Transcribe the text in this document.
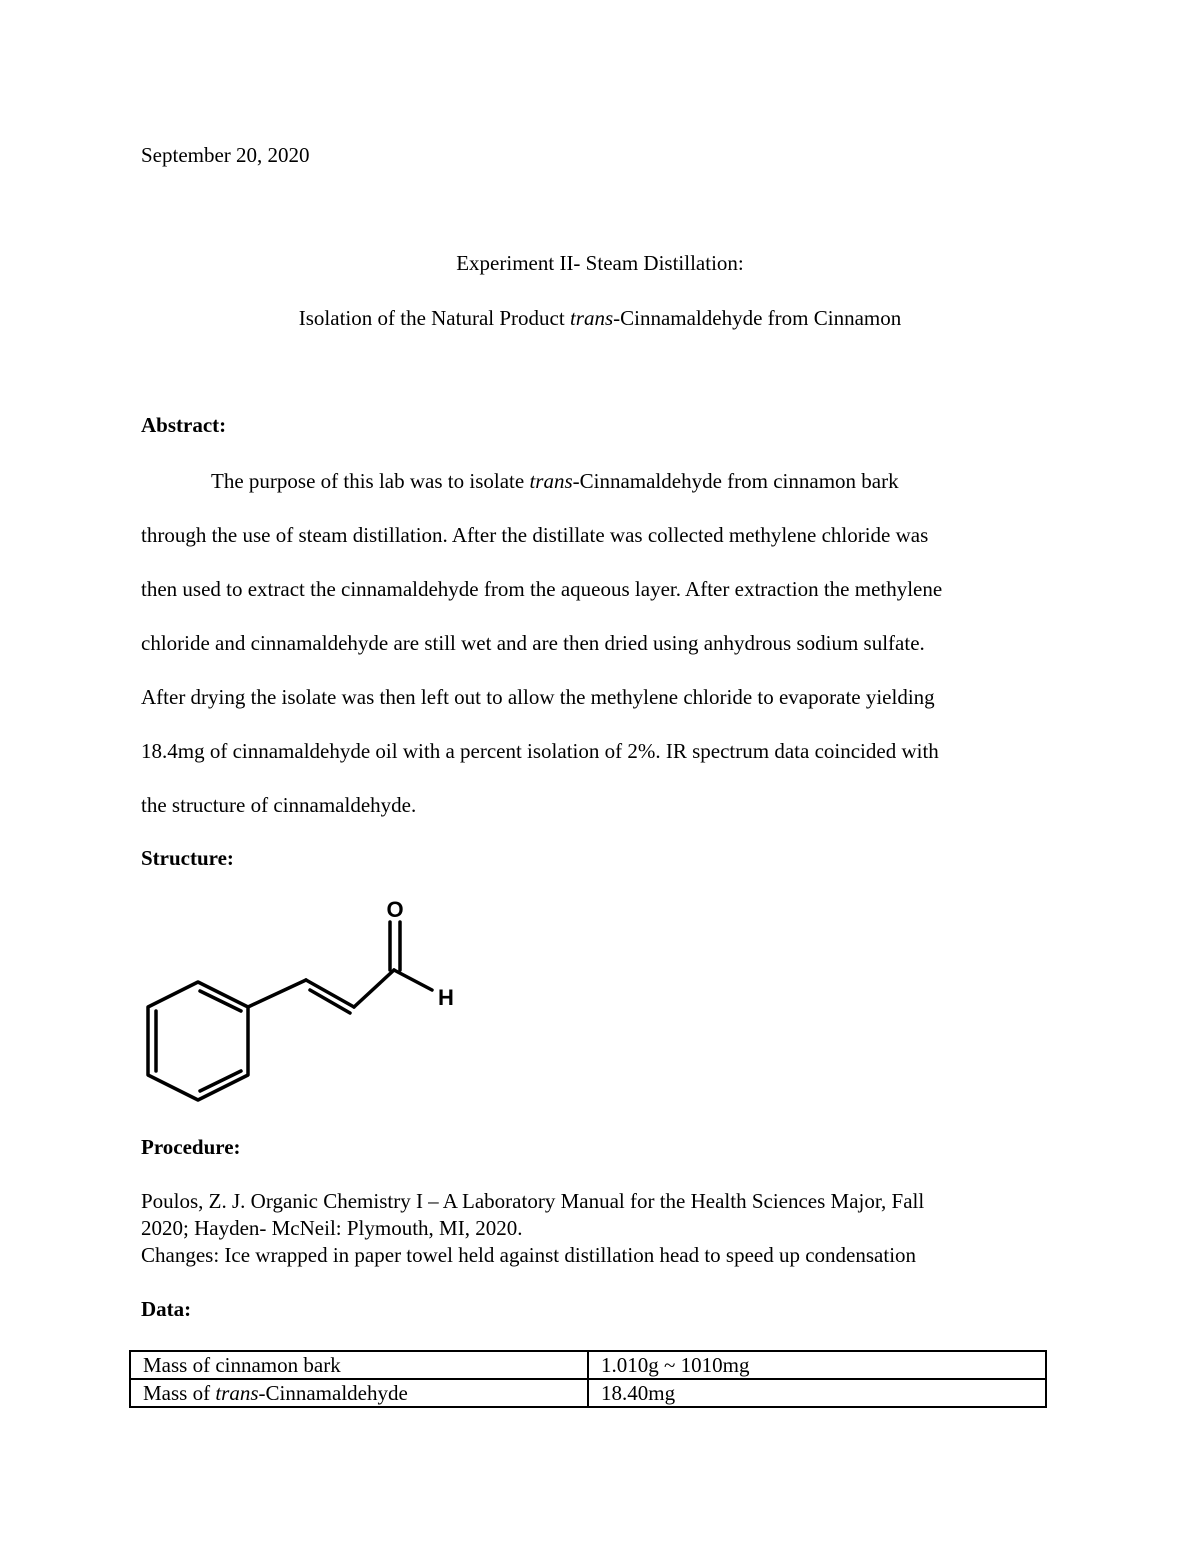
September 20, 2020
Experiment II- Steam Distillation:
Isolation of the Natural Product trans-Cinnamaldehyde from Cinnamon
Abstract:
The purpose of this lab was to isolate trans-Cinnamaldehyde from cinnamon bark
through the use of steam distillation. After the distillate was collected methylene chloride was
then used to extract the cinnamaldehyde from the aqueous layer. After extraction the methylene
chloride and cinnamaldehyde are still wet and are then dried using anhydrous sodium sulfate.
After drying the isolate was then left out to allow the methylene chloride to evaporate yielding
18.4mg of cinnamaldehyde oil with a percent isolation of 2%. IR spectrum data coincided with
the structure of cinnamaldehyde.
Structure:
O
H
Procedure:
Poulos, Z. J. Organic Chemistry I – A Laboratory Manual for the Health Sciences Major, Fall
2020; Hayden- McNeil: Plymouth, MI, 2020.
Changes: Ice wrapped in paper towel held against distillation head to speed up condensation
Data:
Mass of cinnamon bark	1.010g ~ 1010mg
Mass of trans-Cinnamaldehyde	18.40mg
